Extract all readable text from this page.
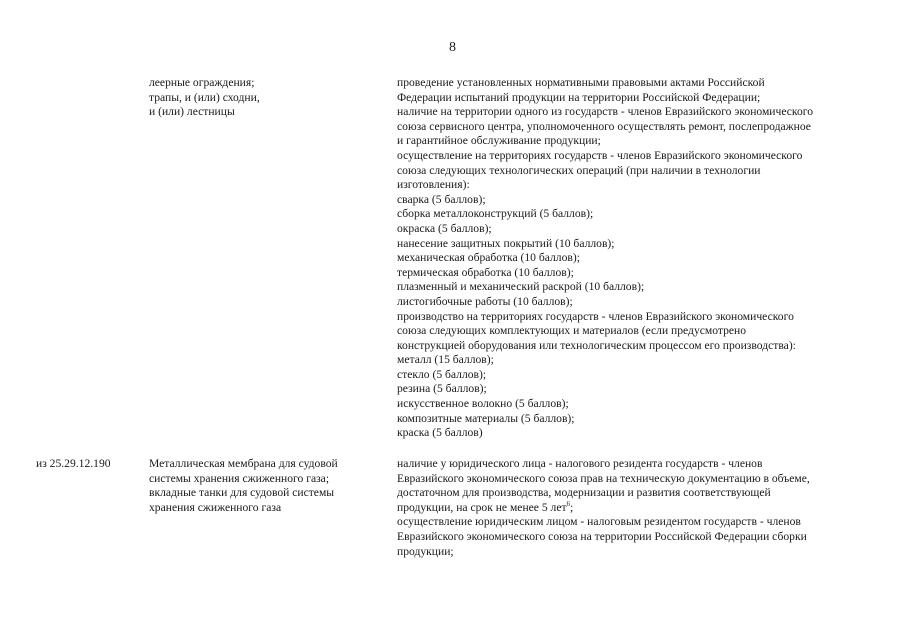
8
леерные ограждения;
трапы, и (или) сходни,
и (или) лестницы
проведение установленных нормативными правовыми актами Российской
Федерации испытаний продукции на территории Российской Федерации;
наличие на территории одного из государств - членов Евразийского экономического
союза сервисного центра, уполномоченного осуществлять ремонт, послепродажное
и гарантийное обслуживание продукции;
осуществление на территориях государств - членов Евразийского экономического
союза следующих технологических операций (при наличии в технологии
изготовления):
сварка (5 баллов);
сборка металлоконструкций (5 баллов);
окраска (5 баллов);
нанесение защитных покрытий (10 баллов);
механическая обработка (10 баллов);
термическая обработка (10 баллов);
плазменный и механический раскрой (10 баллов);
листогибочные работы (10 баллов);
производство на территориях государств - членов Евразийского экономического
союза следующих комплектующих и материалов (если предусмотрено
конструкцией оборудования или технологическим процессом его производства):
металл (15 баллов);
стекло (5 баллов);
резина (5 баллов);
искусственное волокно (5 баллов);
композитные материалы (5 баллов);
краска (5 баллов)
из 25.29.12.190	Металлическая мембрана для судовой
системы хранения сжиженного газа;
вкладные танки для судовой системы
хранения сжиженного газа
наличие у юридического лица - налогового резидента государств - членов
Евразийского экономического союза прав на техническую документацию в объеме,
достаточном для производства, модернизации и развития соответствующей
продукции, на срок не менее 5 лет$^6$;
осуществление юридическим лицом - налоговым резидентом государств - членов
Евразийского экономического союза на территории Российской Федерации сборки
продукции;
